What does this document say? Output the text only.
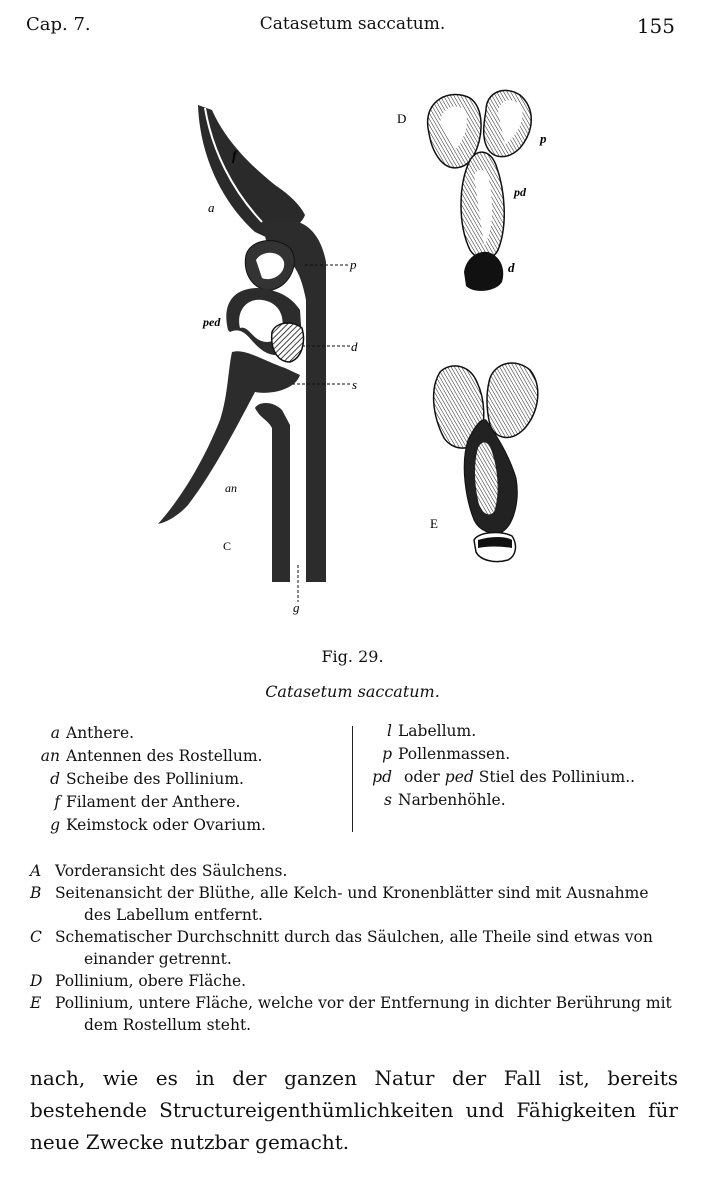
Cap. 7.	Catasetum saccatum.	155
f
a
p
ped
d
s
an
C
g
D
p
pd
d
E
Fig. 29.
Catasetum saccatum.
a Anthere.
an Antennen des Rostellum.
d Scheibe des Pollinium.
f Filament der Anthere.
g Keimstock oder Ovarium.
l Labellum.
p Pollenmassen.
pd oder ped Stiel des Pollinium..
s Narbenhöhle.
A Vorderansicht des Säulchens.
B Seitenansicht der Blüthe, alle Kelch- und Kronenblätter sind mit Ausnahme
des Labellum entfernt.
C Schematischer Durchschnitt durch das Säulchen, alle Theile sind etwas von
einander getrennt.
D Pollinium, obere Fläche.
E Pollinium, untere Fläche, welche vor der Entfernung in dichter Berührung mit
dem Rostellum steht.
nach, wie es in der ganzen Natur der Fall ist, bereits bestehende Structureigenthümlichkeiten und Fähigkeiten für neue Zwecke nutzbar gemacht.
